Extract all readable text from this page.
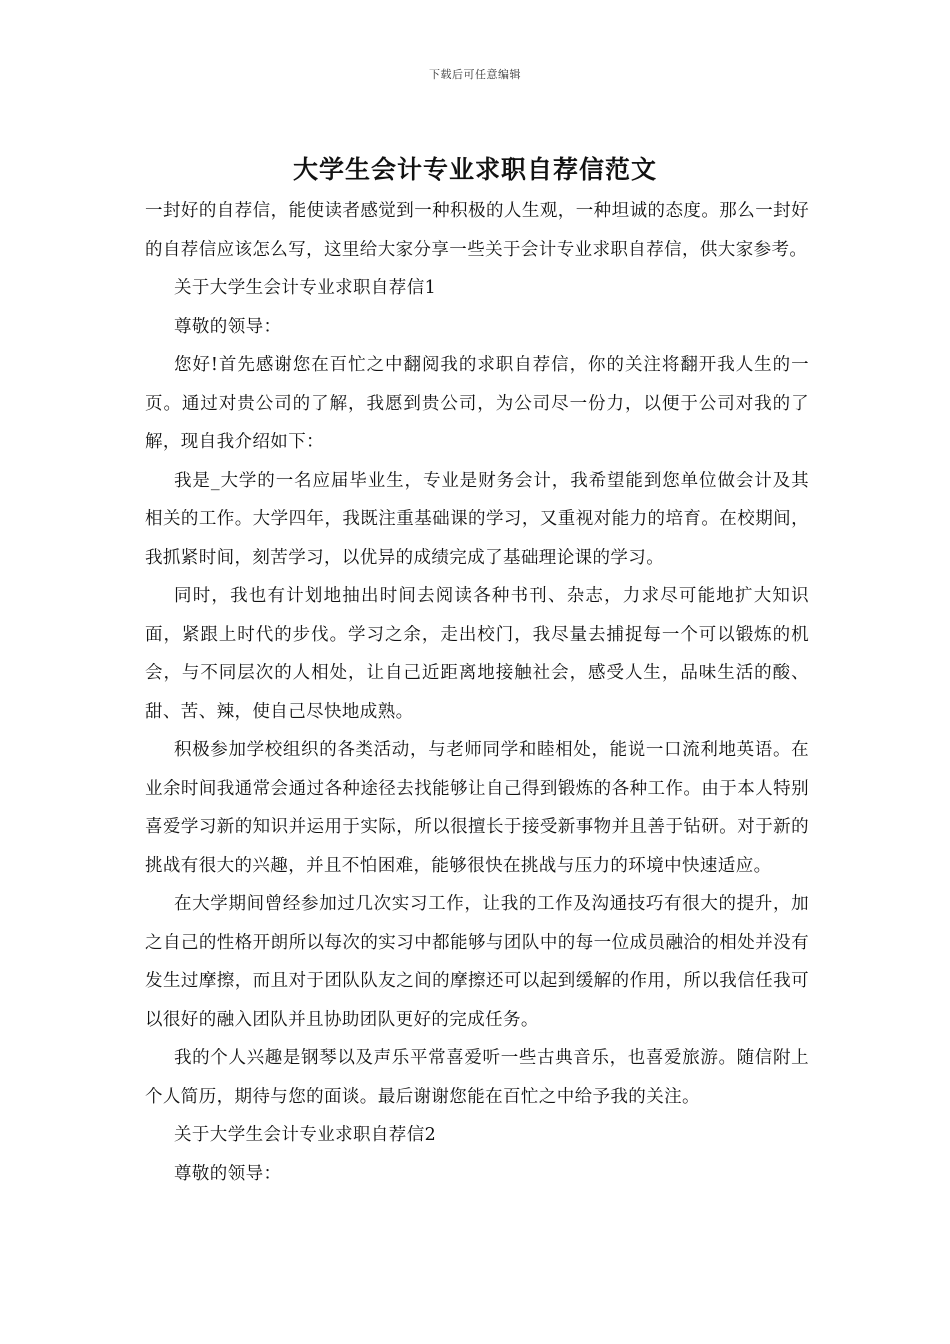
下载后可任意编辑
大学生会计专业求职自荐信范文

一封好的自荐信，能使读者感觉到一种积极的人生观，一种坦诚的态度。那么一封好的自荐信应该怎么写，这里给大家分享一些关于会计专业求职自荐信，供大家参考。

关于大学生会计专业求职自荐信1

尊敬的领导：

您好!首先感谢您在百忙之中翻阅我的求职自荐信，你的关注将翻开我人生的一页。通过对贵公司的了解，我愿到贵公司，为公司尽一份力，以便于公司对我的了解，现自我介绍如下：

我是_大学的一名应届毕业生，专业是财务会计，我希望能到您单位做会计及其相关的工作。大学四年，我既注重基础课的学习，又重视对能力的培育。在校期间，我抓紧时间，刻苦学习，以优异的成绩完成了基础理论课的学习。

同时，我也有计划地抽出时间去阅读各种书刊、杂志，力求尽可能地扩大知识面，紧跟上时代的步伐。学习之余，走出校门，我尽量去捕捉每一个可以锻炼的机会，与不同层次的人相处，让自己近距离地接触社会，感受人生，品味生活的酸、甜、苦、辣，使自己尽快地成熟。

积极参加学校组织的各类活动，与老师同学和睦相处，能说一口流利地英语。在业余时间我通常会通过各种途径去找能够让自己得到锻炼的各种工作。由于本人特别喜爱学习新的知识并运用于实际，所以很擅长于接受新事物并且善于钻研。对于新的挑战有很大的兴趣，并且不怕困难，能够很快在挑战与压力的环境中快速适应。

在大学期间曾经参加过几次实习工作，让我的工作及沟通技巧有很大的提升，加之自己的性格开朗所以每次的实习中都能够与团队中的每一位成员融洽的相处并没有发生过摩擦，而且对于团队队友之间的摩擦还可以起到缓解的作用，所以我信任我可以很好的融入团队并且协助团队更好的完成任务。

我的个人兴趣是钢琴以及声乐平常喜爱听一些古典音乐，也喜爱旅游。随信附上个人简历，期待与您的面谈。最后谢谢您能在百忙之中给予我的关注。

关于大学生会计专业求职自荐信2

尊敬的领导：
